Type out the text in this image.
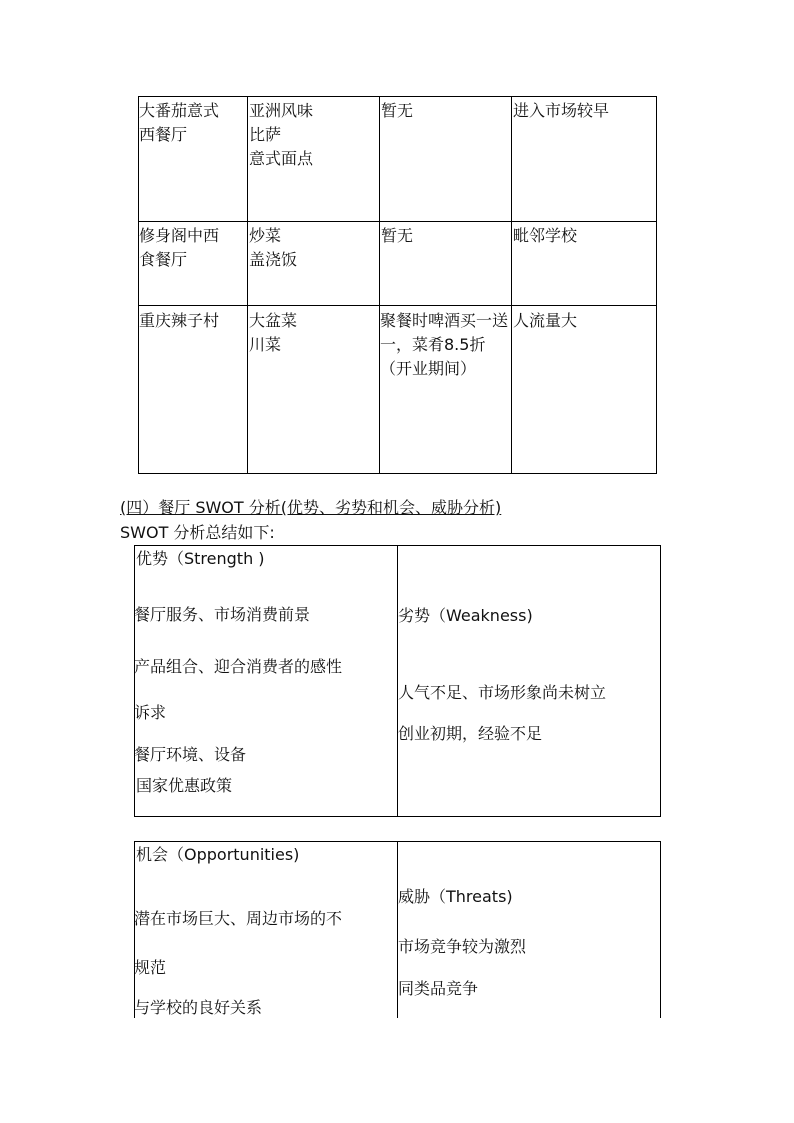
大番茄意式
西餐厅
亚洲风味
比萨
意式面点
暂无	进入市场较早
修身阁中西
食餐厅
炒菜
盖浇饭
暂无	毗邻学校
重庆辣子村 大盆菜
川菜
聚餐时啤酒买一送一，菜肴8.5折（开业期间）
人流量大
(四）餐厅 SWOT 分析(优势、劣势和机会、威胁分析)
SWOT 分析总结如下:
优势（Strength )
餐厅服务、市场消费前景
产品组合、迎合消费者的感性
诉求
餐厅环境、设备
国家优惠政策
劣势（Weakness)
人气不足、市场形象尚未树立
创业初期，经验不足
机会（Opportunities)
潜在市场巨大、周边市场的不
规范
与学校的良好关系
威胁（Threats)
市场竞争较为激烈
同类品竞争
